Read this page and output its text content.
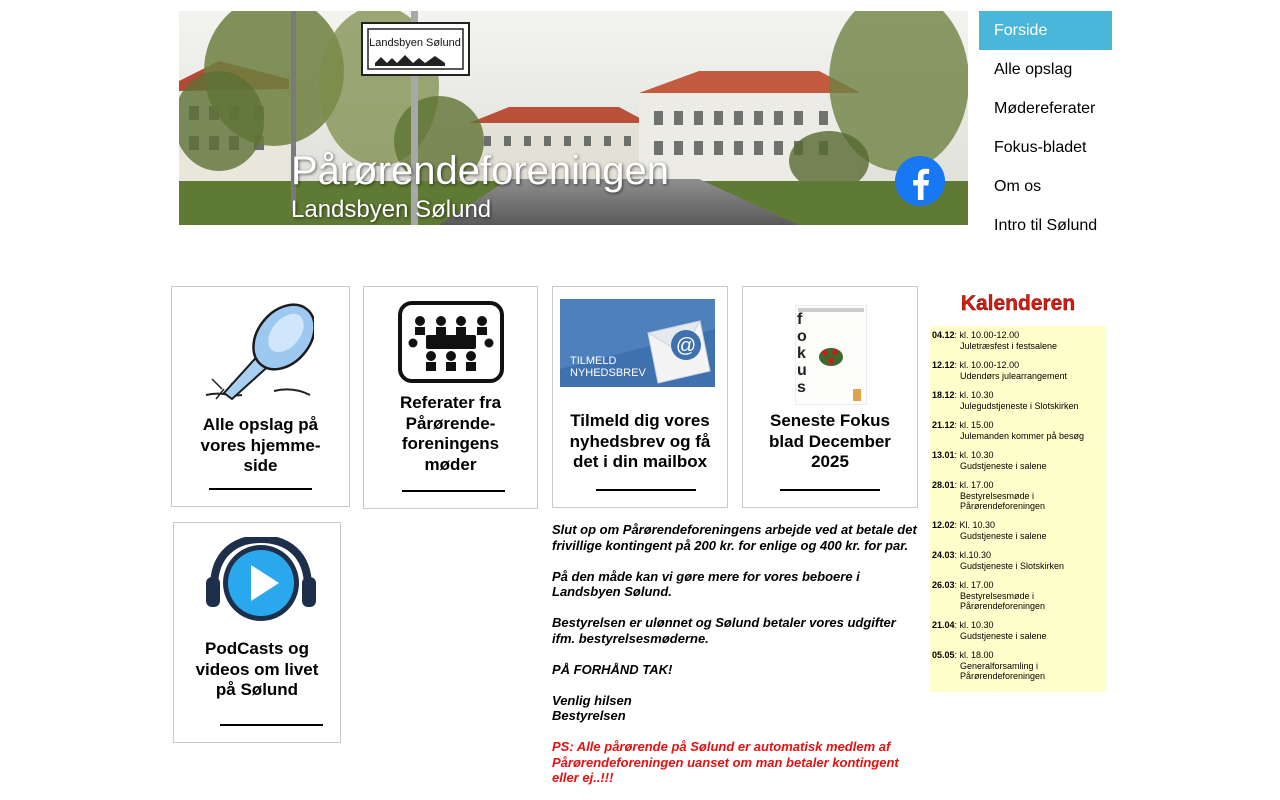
Landsbyen Sølund
Pårørendeforeningen
Landsbyen Sølund
Forside
Alle opslag
Mødereferater
Fokus-bladet
Om os
Intro til Sølund
Alle opslag på vores hjemme-side
Referater fra Pårørende-foreningens møder
@
TILMELD NYHEDSBREV
Tilmeld dig vores nyhedsbrev og få det i din mailbox
fokus
Seneste Fokus blad December 2025
PodCasts og videos om livet på Sølund

Slut op om Pårørendeforeningens arbejde ved at betale det frivillige kontingent på 200 kr. for enlige og 400 kr. for par.

På den måde kan vi gøre mere for vores beboere i Landsbyen Sølund.

Bestyrelsen er ulønnet og Sølund betaler vores udgifter ifm. bestyrelsesmøderne.

PÅ FORHÅND TAK!

Venlig hilsen
Bestyrelsen

PS: Alle pårørende på Sølund er automatisk medlem af Pårørendeforeningen uanset om man betaler kontingent eller ej..!!!

Kalenderen
04.12: kl. 10.00-12.00
Juletræsfest i festsalene
12.12: kl. 10.00-12.00
Udendørs julearrangement
18.12: kl. 10.30
Julegudstjeneste i Slotskirken
21.12: kl. 15.00
Julemanden kommer på besøg
13.01: kl. 10.30
Gudstjeneste i salene
28.01: kl. 17.00
Bestyrelsesmøde i Pårørendeforeningen
12.02: Kl. 10.30
Gudstjeneste i salene
24.03: kl.10.30
Gudstjeneste i Slotskirken
26.03: kl. 17.00
Bestyrelsesmøde i Pårørendeforeningen
21.04: kl. 10.30
Gudstjeneste i salene
05.05: kl. 18.00
Generalforsamling i Pårørendeforeningen
